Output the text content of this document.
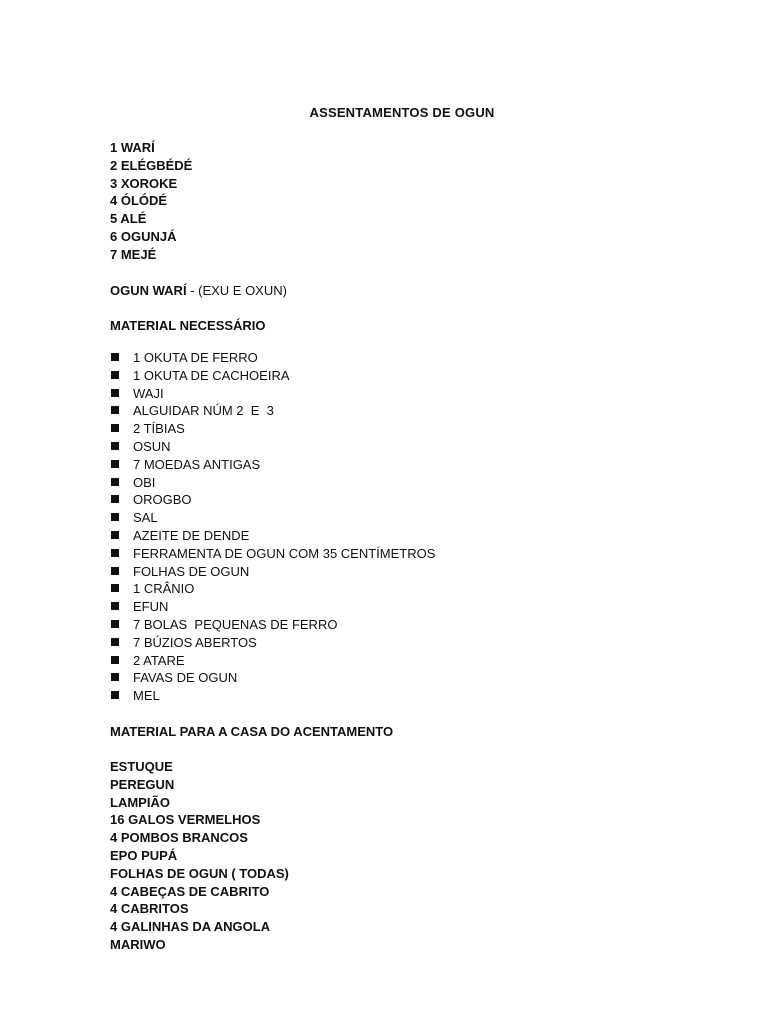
ASSENTAMENTOS DE OGUN
1 WARÍ
2 ELÉGBÉDÉ
3 XOROKE
4 ÓLÓDÉ
5 ALÉ
6 OGUNJÁ
7 MEJÉ
OGUN WARÍ - (EXU E OXUN)
MATERIAL NECESSÁRIO
1 OKUTA DE FERRO
1 OKUTA DE CACHOEIRA
WAJI
ALGUIDAR NÚM 2  E  3
2 TÍBIAS
OSUN
7 MOEDAS ANTIGAS
OBI
OROGBO
SAL
AZEITE DE DENDE
FERRAMENTA DE OGUN COM 35 CENTÍMETROS
FOLHAS DE OGUN
1 CRÂNIO
EFUN
7 BOLAS  PEQUENAS DE FERRO
7 BÚZIOS ABERTOS
2 ATARE
FAVAS DE OGUN
MEL
MATERIAL PARA A CASA DO ACENTAMENTO
ESTUQUE
PEREGUN
LAMPIÃO
16 GALOS VERMELHOS
4 POMBOS BRANCOS
EPO PUPÁ
FOLHAS DE OGUN ( TODAS)
4 CABEÇAS DE CABRITO
4 CABRITOS
4 GALINHAS DA ANGOLA
MARIWO
